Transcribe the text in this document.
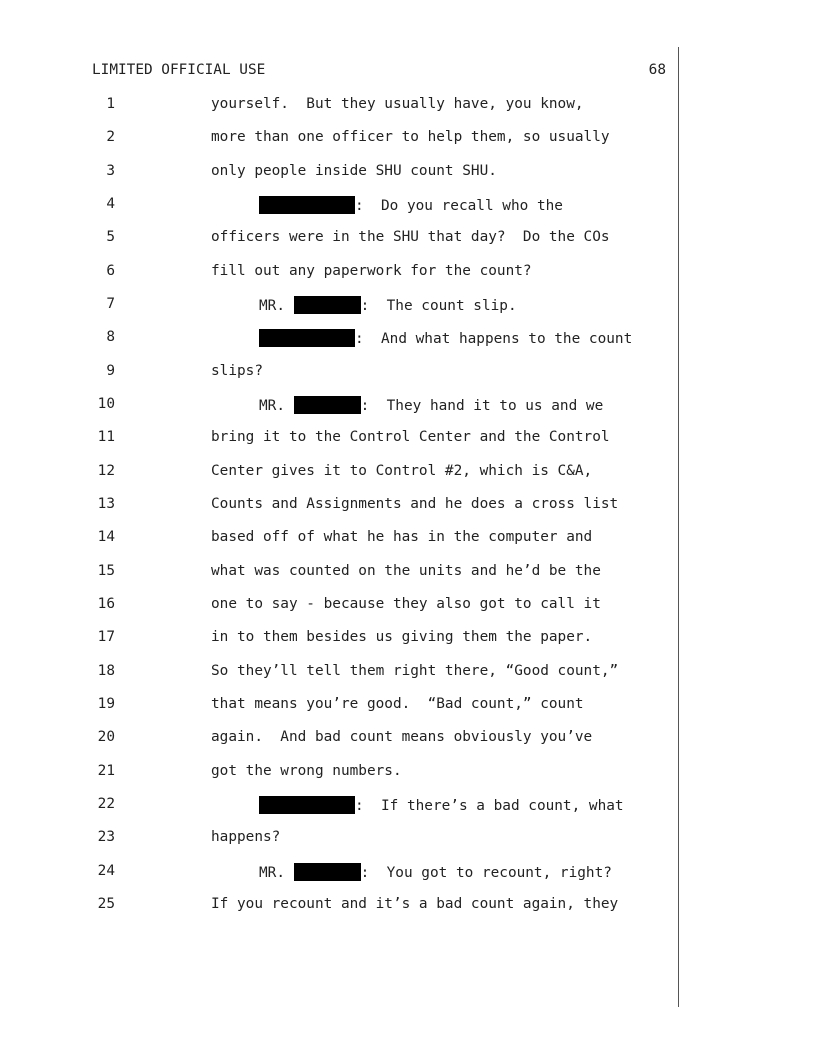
LIMITED OFFICIAL USE	68
1	yourself.  But they usually have, you know,
2	more than one officer to help them, so usually
3	only people inside SHU count SHU.
4	:  Do you recall who the
5	officers were in the SHU that day?  Do the COs
6	fill out any paperwork for the count?
7	MR.	:  The count slip.
8	:  And what happens to the count
9	slips?
10	MR.	:  They hand it to us and we
11	bring it to the Control Center and the Control
12	Center gives it to Control #2, which is C&A,
13	Counts and Assignments and he does a cross list
14	based off of what he has in the computer and
15	what was counted on the units and he’d be the
16	one to say - because they also got to call it
17	in to them besides us giving them the paper.
18	So they’ll tell them right there, “Good count,”
19	that means you’re good.  “Bad count,” count
20	again.  And bad count means obviously you’ve
21	got the wrong numbers.
22	:  If there’s a bad count, what
23	happens?
24	MR.	:  You got to recount, right?
25	If you recount and it’s a bad count again, they
